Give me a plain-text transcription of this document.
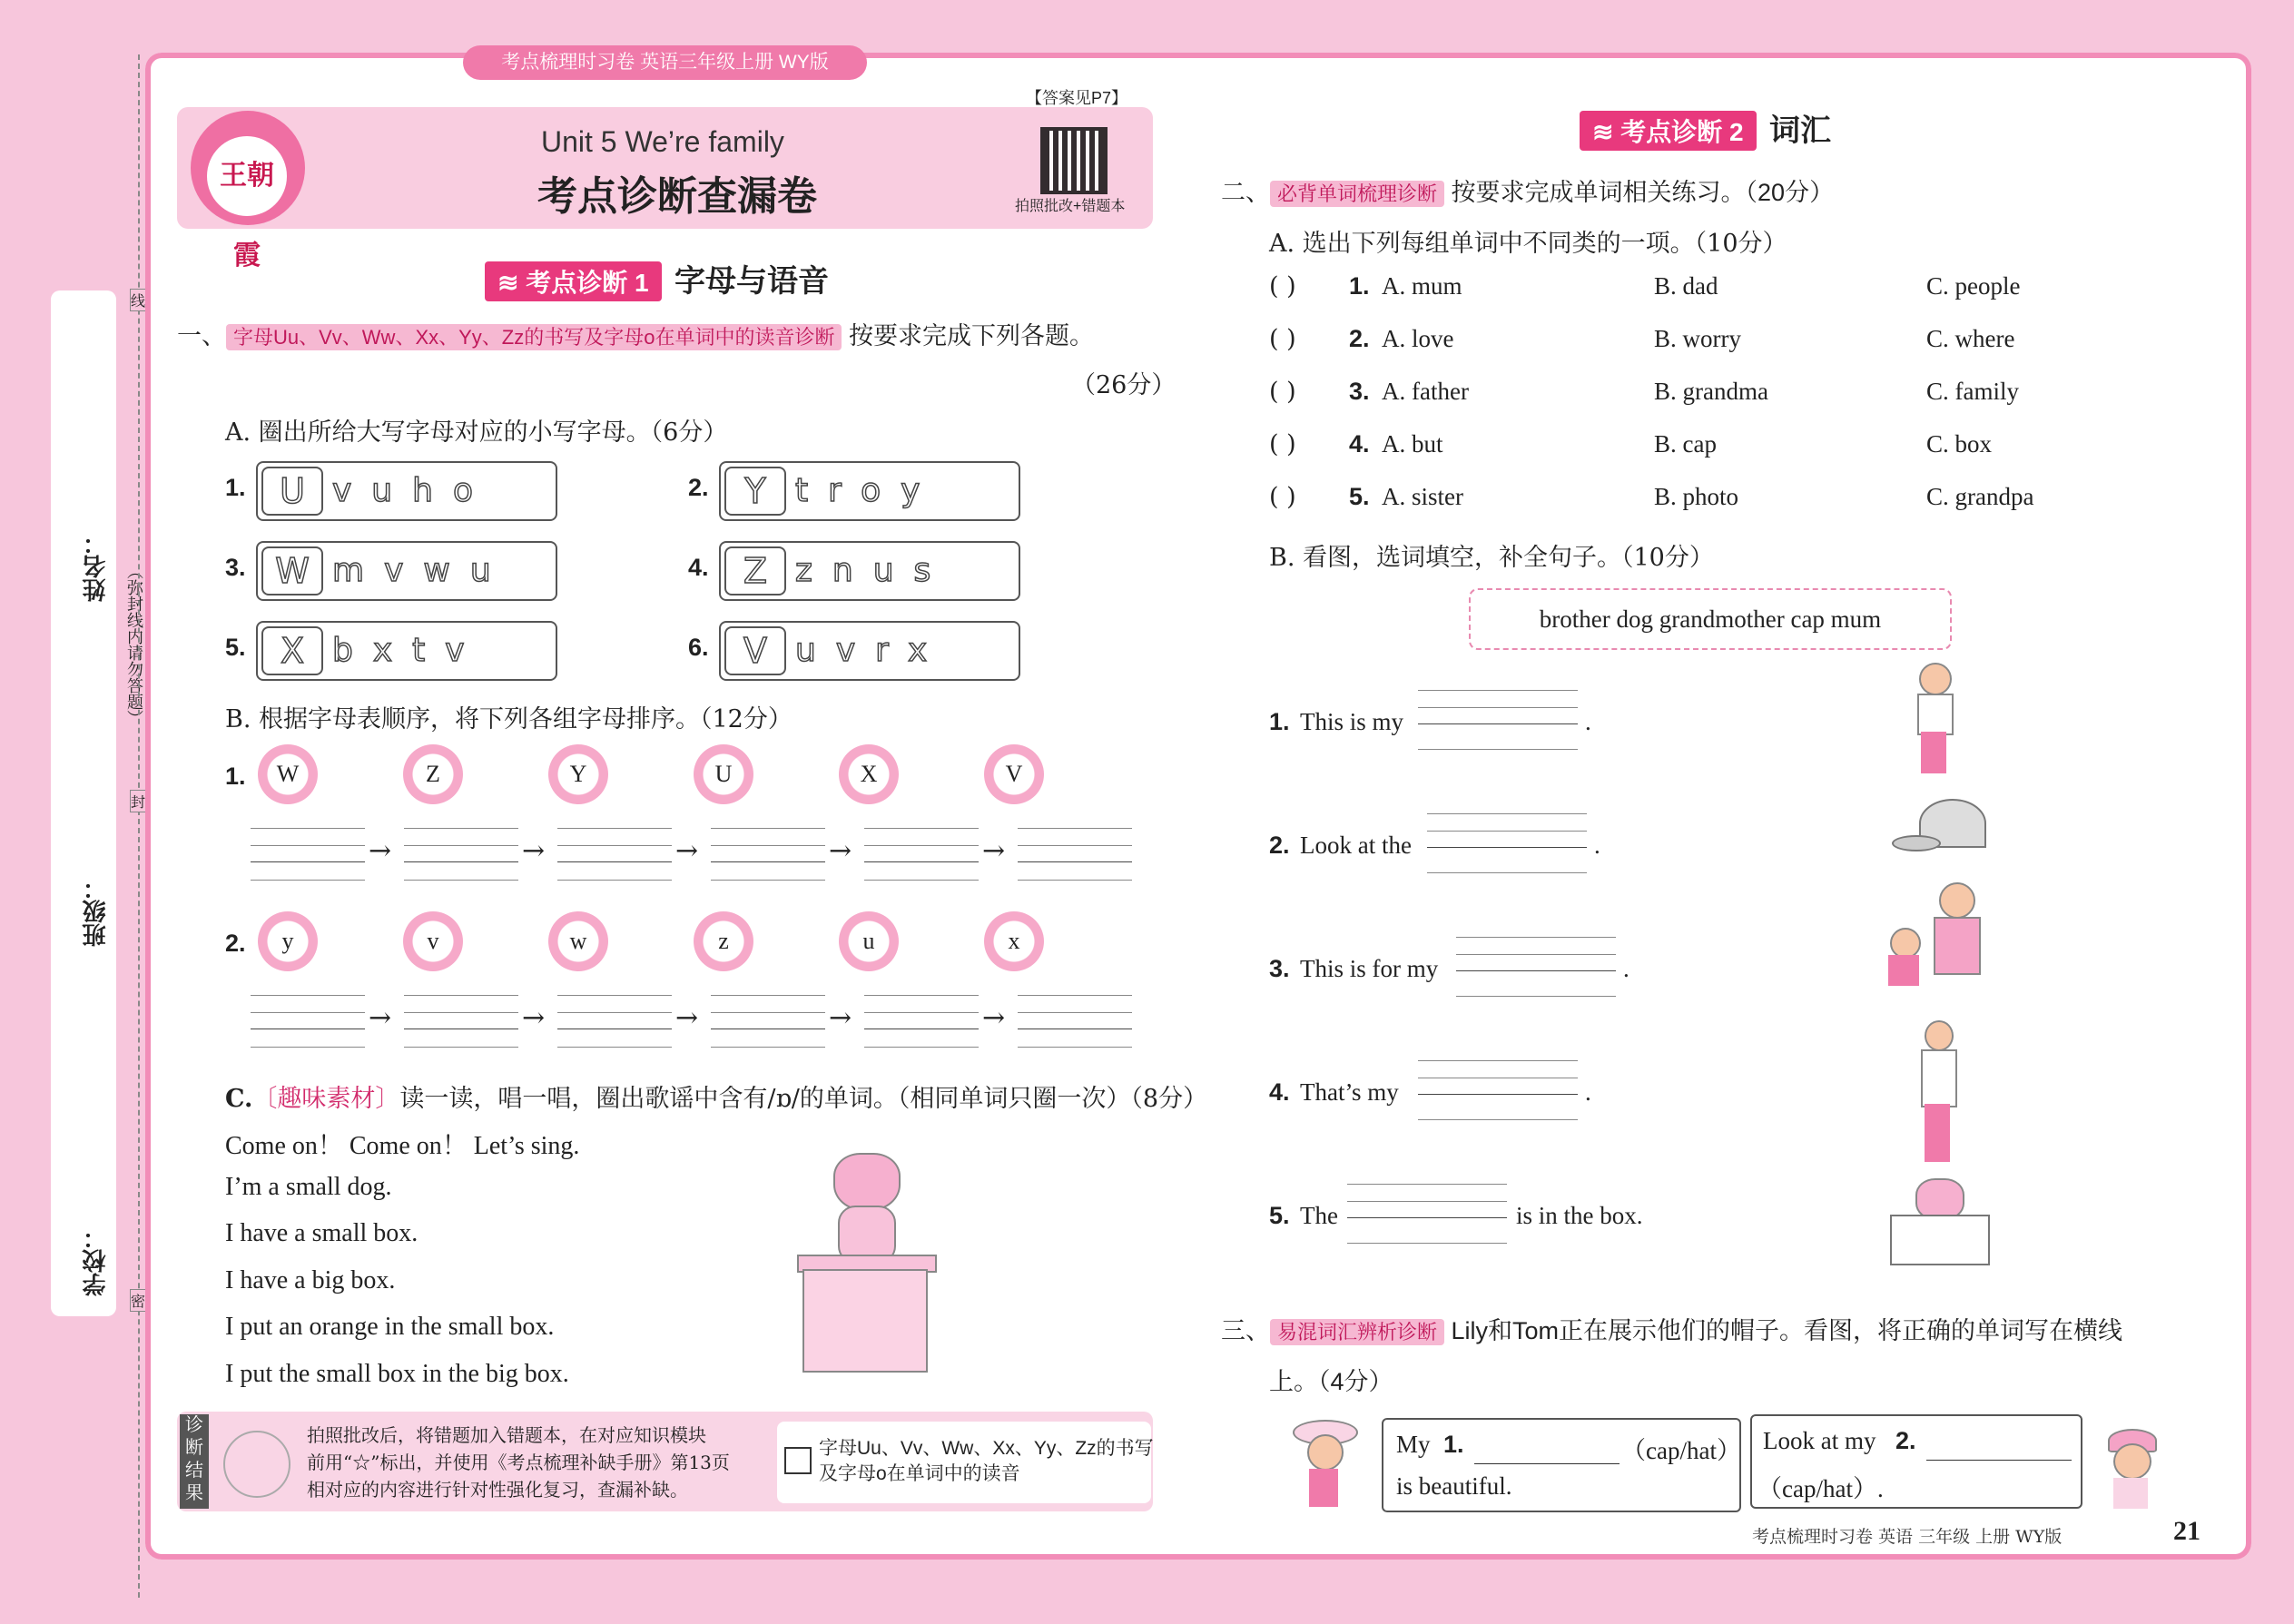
姓名：
班级：
学校：
（弥封线内请勿答题）
线
封
密
考点梳理时习卷 英语三年级上册 WY版
【答案见P7】
王朝霞
Unit 5 We’re family
考点诊断查漏卷	拍照批改+错题本
≋ 考点诊断 1 字母与语音
一、 字母Uu、Vv、Ww、Xx、Yy、Zz的书写及字母o在单词中的读音诊断 按要求完成下列各题。
（26分）
A. 圈出所给大写字母对应的小写字母。（6分）
1. U vuho	2.	Y troy
3. W mvwu	4.	Z znus
5.	X bxtv	6.	V uvrx
B. 根据字母表顺序，将下列各组字母排序。（12分）
1.	W
→
Z
→
Y
→
U
→
X
→
V
2.	y
→
v
→
w
→
z
→
u
→
x
C.〔趣味素材〕读一读，唱一唱，圈出歌谣中含有/ɒ/的单词。（相同单词只圈一次）（8分）
Come on！ Come on！ Let’s sing.
I’m a small dog.
I have a small box.
I have a big box.
I put an orange in the small box.
I put the small box in the big box.
诊断结果
拍照批改后，将错题加入错题本，在对应知识模块
前用“☆”标出，并使用《考点梳理补缺手册》第13页
相对应的内容进行针对性强化复习，查漏补缺。
字母Uu、Vv、Ww、Xx、Yy、Zz的书写
及字母o在单词中的读音
≋ 考点诊断 2 词汇
二、 必背单词梳理诊断 按要求完成单词相关练习。（20分）
A. 选出下列每组单词中不同类的一项。（10分）
( ) 1. A. mum	B. dad	C. people
( ) 2. A. love	B. worry	C. where
( ) 3. A. father	B. grandma	C. family
( ) 4. A. but	B. cap	C. box
( ) 5. A. sister	B. photo	C. grandpa
B. 看图，选词填空，补全句子。（10分）
brother dog grandmother cap mum
1. This is my	.
2. Look at the	.
3. This is for my	.
4. That’s my	.
5. The	is in the box.
三、 易混词汇辨析诊断 Lily和Tom正在展示他们的帽子。看图，将正确的单词写在横线
上。（4分）
My 1.	（cap/hat）
is beautiful.
Look at my 2.
（cap/hat）.
考点梳理时习卷 英语 三年级 上册 WY版	21
